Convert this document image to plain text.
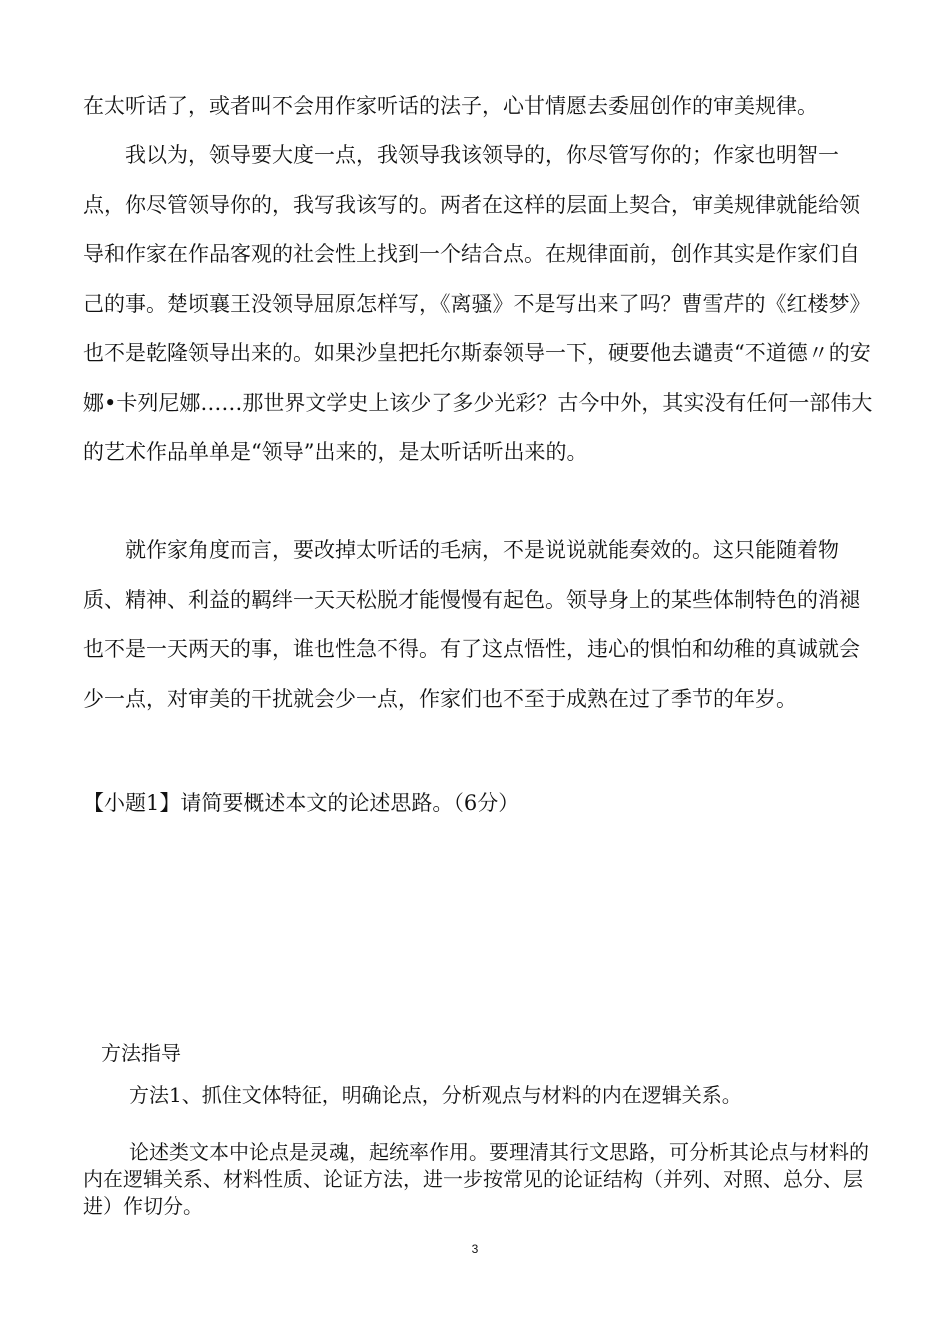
在太听话了，或者叫不会用作家听话的法子，心甘情愿去委屈创作的审美规律。

我以为，领导要大度一点，我领导我该领导的，你尽管写你的；作家也明智一点，你尽管领导你的，我写我该写的。两者在这样的层面上契合，审美规律就能给领导和作家在作品客观的社会性上找到一个结合点。在规律面前，创作其实是作家们自己的事。楚顷襄王没领导屈原怎样写，《离骚》不是写出来了吗？曹雪芹的《红楼梦》也不是乾隆领导出来的。如果沙皇把托尔斯泰领导一下，硬要他去谴责“不道德〃的安娜•卡列尼娜……那世界文学史上该少了多少光彩？古今中外，其实没有任何一部伟大的艺术作品单单是“领导”出来的，是太听话听出来的。

就作家角度而言，要改掉太听话的毛病，不是说说就能奏效的。这只能随着物质、精神、利益的羁绊一天天松脱才能慢慢有起色。领导身上的某些体制特色的消褪也不是一天两天的事，谁也性急不得。有了这点悟性，违心的惧怕和幼稚的真诚就会少一点，对审美的干扰就会少一点，作家们也不至于成熟在过了季节的年岁。

【小题1】请简要概述本文的论述思路。（6分）

方法指导

方法1、抓住文体特征，明确论点，分析观点与材料的内在逻辑关系。

论述类文本中论点是灵魂，起统率作用。要理清其行文思路，可分析其论点与材料的内在逻辑关系、材料性质、论证方法，进一步按常见的论证结构（并列、对照、总分、层进）作切分。

3
